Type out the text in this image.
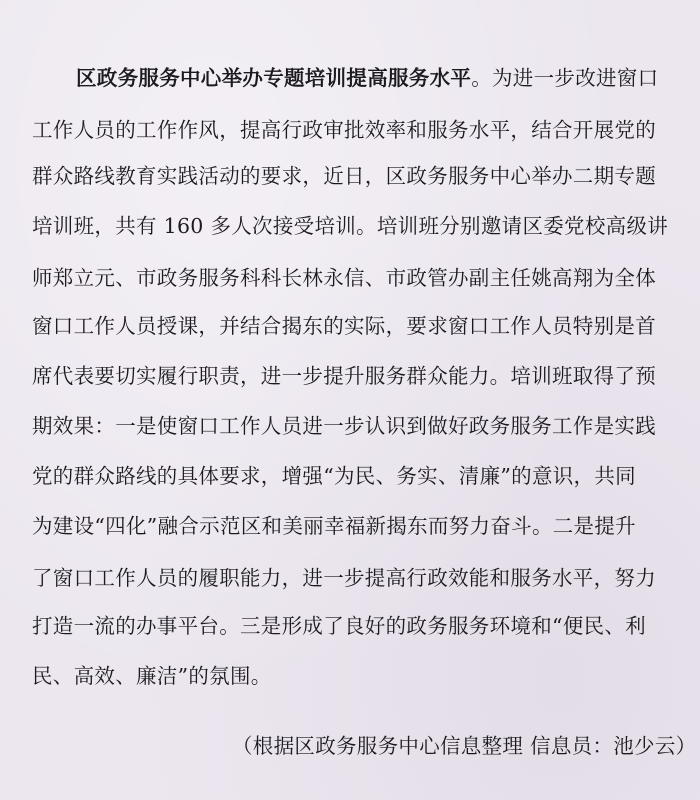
区政务服务中心举办专题培训提高服务水平。为进一步改进窗口
工作人员的工作作风，提高行政审批效率和服务水平，结合开展党的
群众路线教育实践活动的要求，近日，区政务服务中心举办二期专题
培训班，共有 160 多人次接受培训。培训班分别邀请区委党校高级讲
师郑立元、市政务服务科科长林永信、市政管办副主任姚高翔为全体
窗口工作人员授课，并结合揭东的实际，要求窗口工作人员特别是首
席代表要切实履行职责，进一步提升服务群众能力。培训班取得了预
期效果：一是使窗口工作人员进一步认识到做好政务服务工作是实践
党的群众路线的具体要求，增强“为民、务实、清廉”的意识，共同
为建设“四化”融合示范区和美丽幸福新揭东而努力奋斗。二是提升
了窗口工作人员的履职能力，进一步提高行政效能和服务水平，努力
打造一流的办事平台。三是形成了良好的政务服务环境和“便民、利
民、高效、廉洁”的氛围。
（根据区政务服务中心信息整理 信息员：池少云）
